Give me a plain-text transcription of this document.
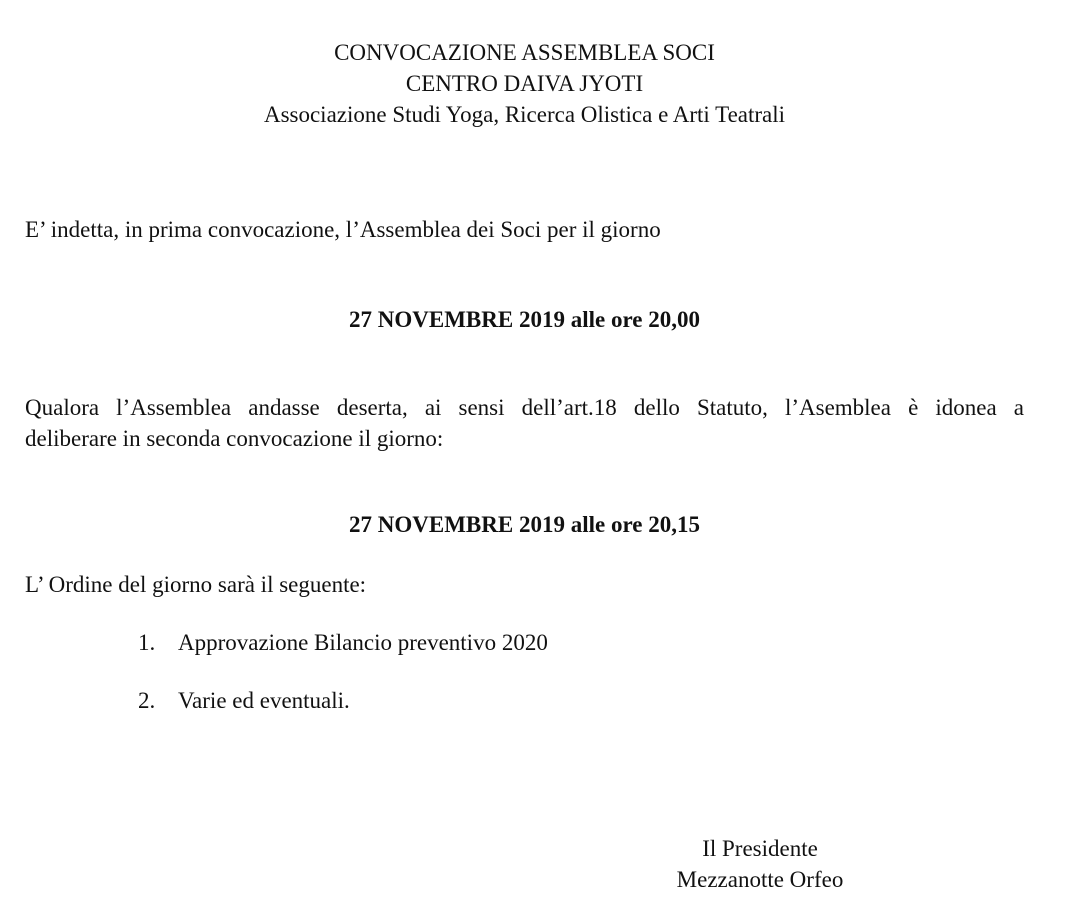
CONVOCAZIONE ASSEMBLEA SOCI
CENTRO DAIVA JYOTI
Associazione Studi Yoga, Ricerca Olistica e Arti Teatrali
E’ indetta, in prima convocazione, l’Assemblea dei Soci per il giorno
27 NOVEMBRE 2019 alle ore 20,00
Qualora l’Assemblea andasse deserta, ai sensi dell’art.18 dello Statuto, l’Asemblea è idonea a
deliberare in seconda convocazione il giorno:
27 NOVEMBRE 2019 alle ore 20,15
L’ Ordine del giorno sarà il seguente:
1. Approvazione Bilancio preventivo 2020
2. Varie ed eventuali.
Il Presidente
Mezzanotte Orfeo
